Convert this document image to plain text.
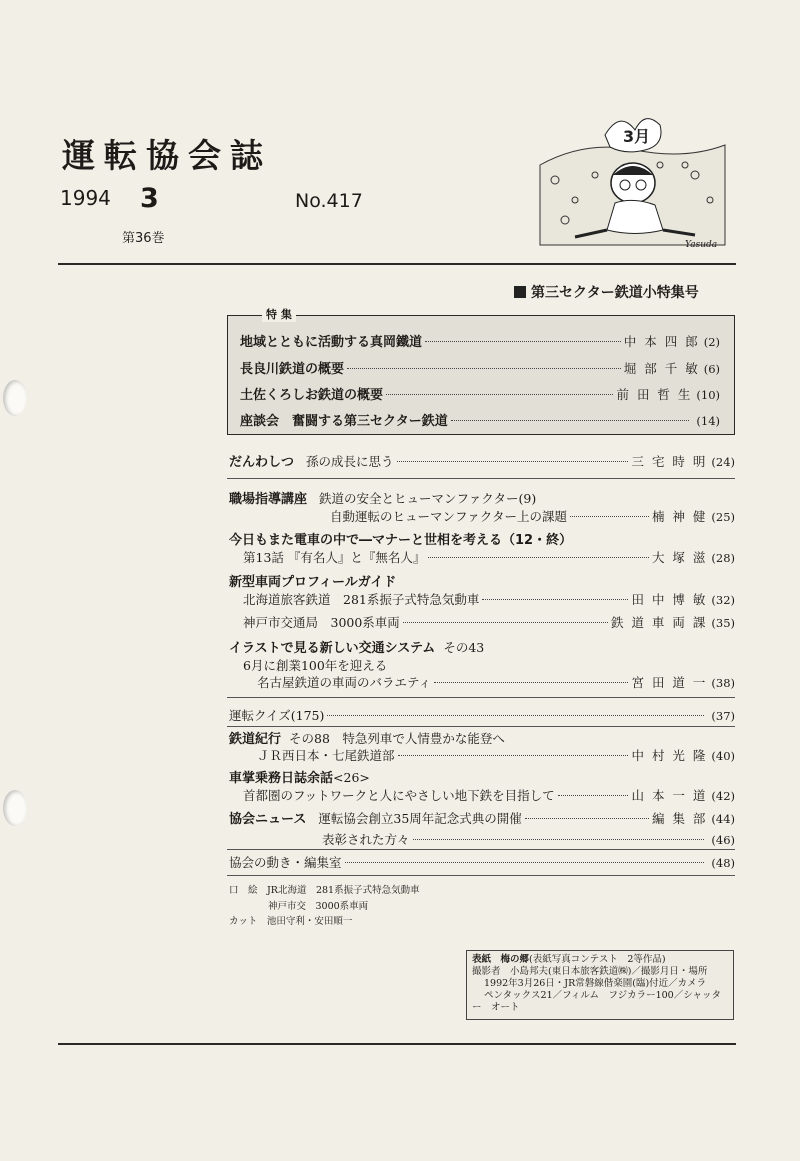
運転協会誌
1994 3	No.417
第36巻
3月
Yasuda
第三セクター鉄道小特集号
特 集
地域とともに活動する真岡鐵道	中 本 四 郎 (2)
長良川鉄道の概要	堀 部 千 敏 (6)
土佐くろしお鉄道の概要	前 田 哲 生 (10)
座談会　奮闘する第三セクター鉄道	(14)
だんわしつ 孫の成長に思う	三 宅 時 明 (24)
職場指導講座 鉄道の安全とヒューマンファクター(9)
自動運転のヒューマンファクター上の課題	楠 神 健 (25)
今日もまた電車の中で―マナーと世相を考える（12・終）
第13話 『有名人』と『無名人』	大 塚 滋 (28)
新型車両プロフィールガイド
北海道旅客鉄道　281系振子式特急気動車	田 中 博 敏 (32)
神戸市交通局　3000系車両	鉄 道 車 両 課 (35)
イラストで見る新しい交通システム その43
6月に創業100年を迎える
名古屋鉄道の車両のバラエティ	宮 田 道 一 (38)
運転クイズ(175)	(37)
鉄道紀行 その88　特急列車で人情豊かな能登へ
ＪＲ西日本・七尾鉄道部	中 村 光 隆 (40)
車掌乗務日誌余話 <26>
首都圏のフットワークと人にやさしい地下鉄を目指して	山 本 一 道 (42)
協会ニュース 運転協会創立35周年記念式典の開催	編 集 部 (44)
表彰された方々	(46)
協会の動き・編集室	(48)
口　絵　JR北海道　281系振子式特急気動車
神戸市交　3000系車両
カット　池田守利・安田順一
表紙　梅の郷(表紙写真コンテスト　2等作品)
撮影者　小島邦夫(東日本旅客鉄道㈱)／撮影月日・場所
1992年3月26日・JR常磐線偕楽園(臨)付近／カメラ
ペンタックス21／フィルム　フジカラー100／シャッタ
ー　オート
